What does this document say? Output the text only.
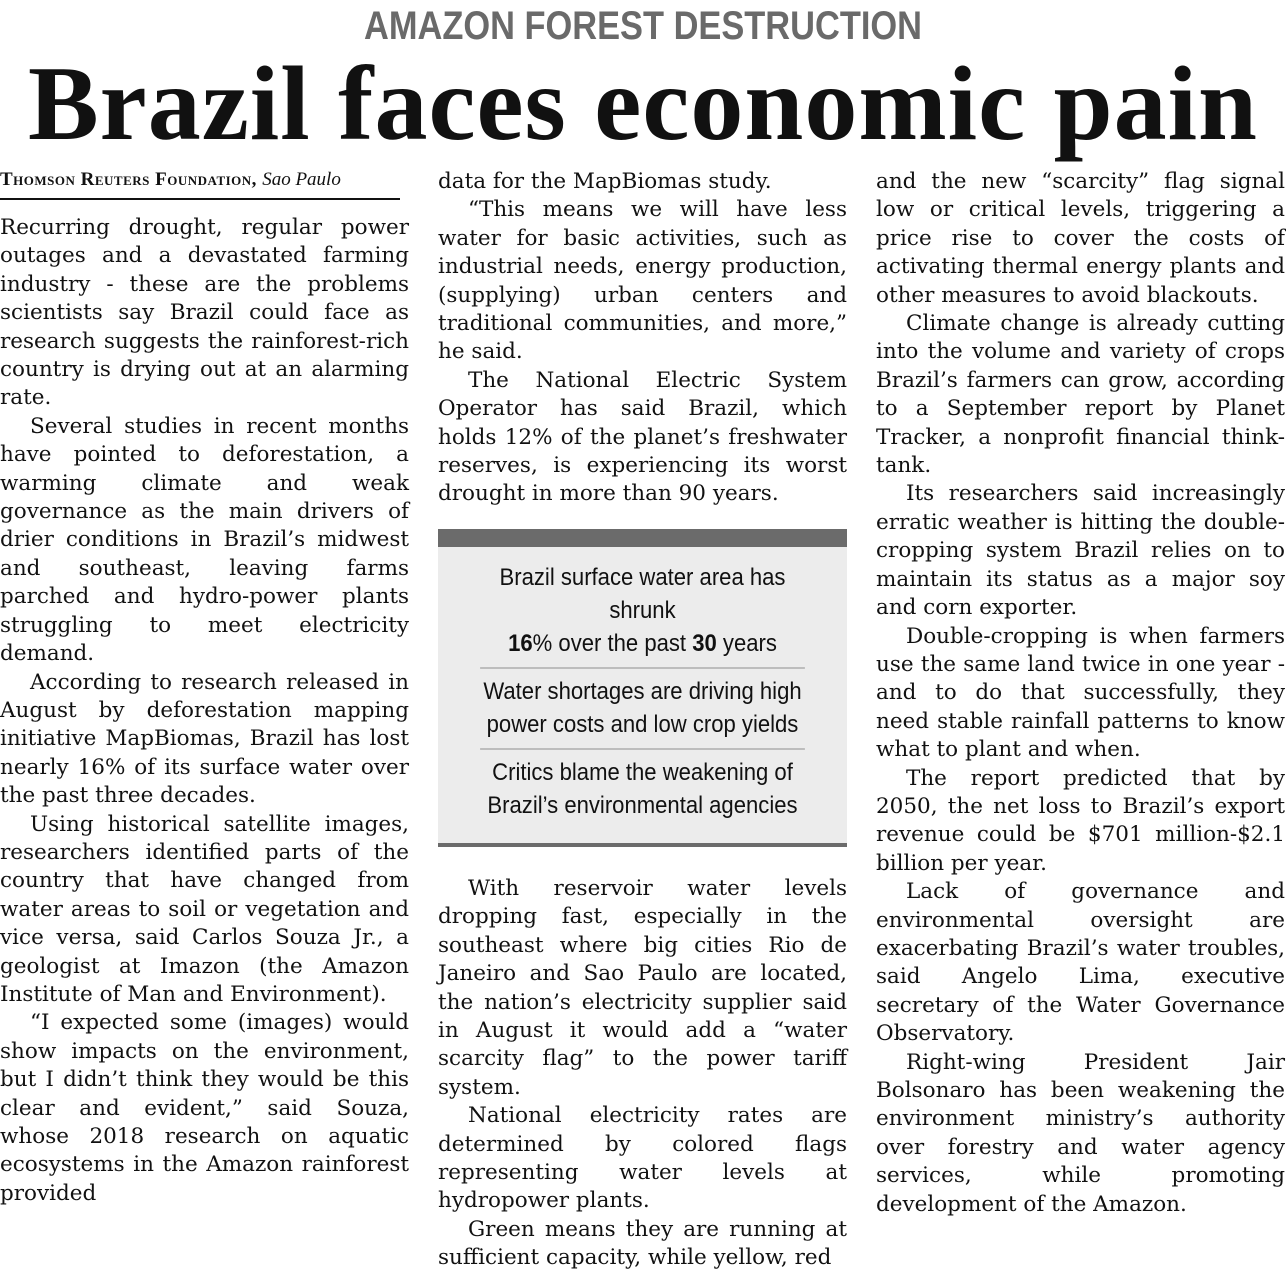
AMAZON FOREST DESTRUCTION
Brazil faces economic pain
Thomson Reuters Foundation, Sao Paulo

Recurring drought, regular power outages and a devastated farming industry - these are the problems scientists say Brazil could face as research suggests the rainforest-rich country is drying out at an alarming rate.

Several studies in recent months have pointed to deforestation, a warming climate and weak governance as the main drivers of drier conditions in Brazil’s midwest and southeast, leaving farms parched and hydro-power plants struggling to meet electricity demand.

According to research released in August by deforestation mapping initiative MapBiomas, Brazil has lost nearly 16% of its surface water over the past three decades.

Using historical satellite images, researchers identified parts of the country that have changed from water areas to soil or vegetation and vice versa, said Carlos Souza Jr., a geologist at Imazon (the Amazon Institute of Man and Environment).

“I expected some (images) would show impacts on the environment, but I didn’t think they would be this clear and evident,” said Souza, whose 2018 research on aquatic ecosystems in the Amazon rainforest provided

data for the MapBiomas study.

“This means we will have less water for basic activities, such as industrial needs, energy production, (supplying) urban centers and traditional communities, and more,” he said.

The National Electric System Operator has said Brazil, which holds 12% of the planet’s freshwater reserves, is experiencing its worst drought in more than 90 years.

Brazil surface water area has shrunk
16% over the past 30 years
Water shortages are driving high power costs and low crop yields
Critics blame the weakening of Brazil’s environmental agencies

With reservoir water levels dropping fast, especially in the southeast where big cities Rio de Janeiro and Sao Paulo are located, the nation’s electricity supplier said in August it would add a “water scarcity flag” to the power tariff system.

National electricity rates are determined by colored flags representing water levels at hydropower plants.

Green means they are running at sufficient capacity, while yellow, red

and the new “scarcity” flag signal low or critical levels, triggering a price rise to cover the costs of activating thermal energy plants and other measures to avoid blackouts.

Climate change is already cutting into the volume and variety of crops Brazil’s farmers can grow, according to a September report by Planet Tracker, a nonprofit financial think-tank.

Its researchers said increasingly erratic weather is hitting the double-cropping system Brazil relies on to maintain its status as a major soy and corn exporter.

Double-cropping is when farmers use the same land twice in one year - and to do that successfully, they need stable rainfall patterns to know what to plant and when.

The report predicted that by 2050, the net loss to Brazil’s export revenue could be $701 million-$2.1 billion per year.

Lack of governance and environmental oversight are exacerbating Brazil’s water troubles, said Angelo Lima, executive secretary of the Water Governance Observatory.

Right-wing President Jair Bolsonaro has been weakening the environment ministry’s authority over forestry and water agency services, while promoting development of the Amazon.
